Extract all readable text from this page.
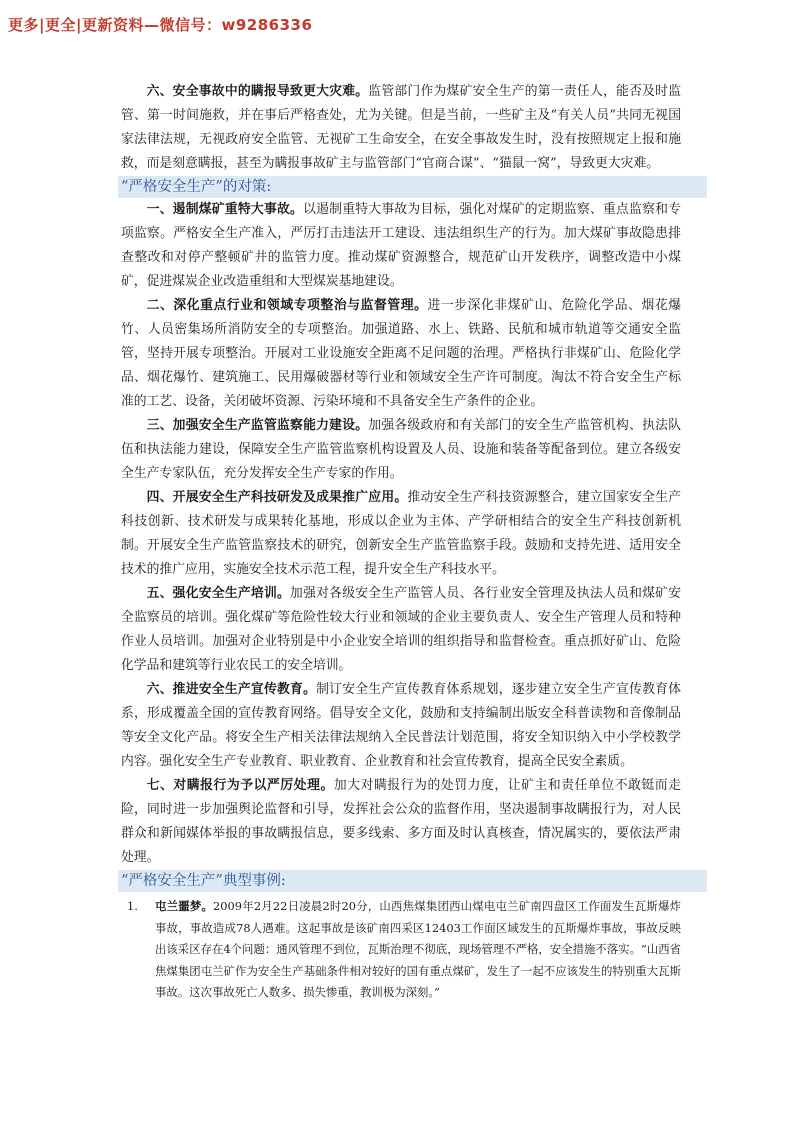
更多|更全|更新资料—微信号：w9286336

六、安全事故中的瞒报导致更大灾难。监管部门作为煤矿安全生产的第一责任人，能否及时监管、第一时间施救，并在事后严格查处，尤为关键。但是当前，一些矿主及“有关人员”共同无视国家法律法规，无视政府安全监管、无视矿工生命安全，在安全事故发生时，没有按照规定上报和施救，而是刻意瞒报，甚至为瞒报事故矿主与监管部门“官商合谋”、“猫鼠一窝”，导致更大灾难。

“严格安全生产”的对策:

一、遏制煤矿重特大事故。以遏制重特大事故为目标，强化对煤矿的定期监察、重点监察和专项监察。严格安全生产准入，严厉打击违法开工建设、违法组织生产的行为。加大煤矿事故隐患排查整改和对停产整顿矿井的监管力度。推动煤矿资源整合，规范矿山开发秩序，调整改造中小煤矿，促进煤炭企业改造重组和大型煤炭基地建设。

二、深化重点行业和领域专项整治与监督管理。进一步深化非煤矿山、危险化学品、烟花爆竹、人员密集场所消防安全的专项整治。加强道路、水上、铁路、民航和城市轨道等交通安全监管，坚持开展专项整治。开展对工业设施安全距离不足问题的治理。严格执行非煤矿山、危险化学品、烟花爆竹、建筑施工、民用爆破器材等行业和领域安全生产许可制度。淘汰不符合安全生产标准的工艺、设备，关闭破坏资源、污染环境和不具备安全生产条件的企业。

三、加强安全生产监管监察能力建设。加强各级政府和有关部门的安全生产监管机构、执法队伍和执法能力建设，保障安全生产监管监察机构设置及人员、设施和装备等配备到位。建立各级安全生产专家队伍，充分发挥安全生产专家的作用。

四、开展安全生产科技研发及成果推广应用。推动安全生产科技资源整合，建立国家安全生产科技创新、技术研发与成果转化基地，形成以企业为主体、产学研相结合的安全生产科技创新机制。开展安全生产监管监察技术的研究，创新安全生产监管监察手段。鼓励和支持先进、适用安全技术的推广应用，实施安全技术示范工程，提升安全生产科技水平。

五、强化安全生产培训。加强对各级安全生产监管人员、各行业安全管理及执法人员和煤矿安全监察员的培训。强化煤矿等危险性较大行业和领域的企业主要负责人、安全生产管理人员和特种作业人员培训。加强对企业特别是中小企业安全培训的组织指导和监督检查。重点抓好矿山、危险化学品和建筑等行业农民工的安全培训。

六、推进安全生产宣传教育。制订安全生产宣传教育体系规划，逐步建立安全生产宣传教育体系，形成覆盖全国的宣传教育网络。倡导安全文化，鼓励和支持编制出版安全科普读物和音像制品等安全文化产品。将安全生产相关法律法规纳入全民普法计划范围，将安全知识纳入中小学校教学内容。强化安全生产专业教育、职业教育、企业教育和社会宣传教育，提高全民安全素质。

七、对瞒报行为予以严厉处理。加大对瞒报行为的处罚力度，让矿主和责任单位不敢铤而走险，同时进一步加强舆论监督和引导，发挥社会公众的监督作用，坚决遏制事故瞒报行为，对人民群众和新闻媒体举报的事故瞒报信息，要多线索、多方面及时认真核查，情况属实的，要依法严肃处理。

“严格安全生产”典型事例:
1.	屯兰噩梦。2009年2月22日凌晨2时20分，山西焦煤集团西山煤电屯兰矿南四盘区工作面发生瓦斯爆炸事故，事故造成78人遇难。这起事故是该矿南四采区12403工作面区域发生的瓦斯爆炸事故，事故反映出该采区存在4个问题：通风管理不到位，瓦斯治理不彻底，现场管理不严格，安全措施不落实。“山西省焦煤集团屯兰矿作为安全生产基础条件相对较好的国有重点煤矿，发生了一起不应该发生的特别重大瓦斯事故。这次事故死亡人数多、损失惨重，教训极为深刻。”
